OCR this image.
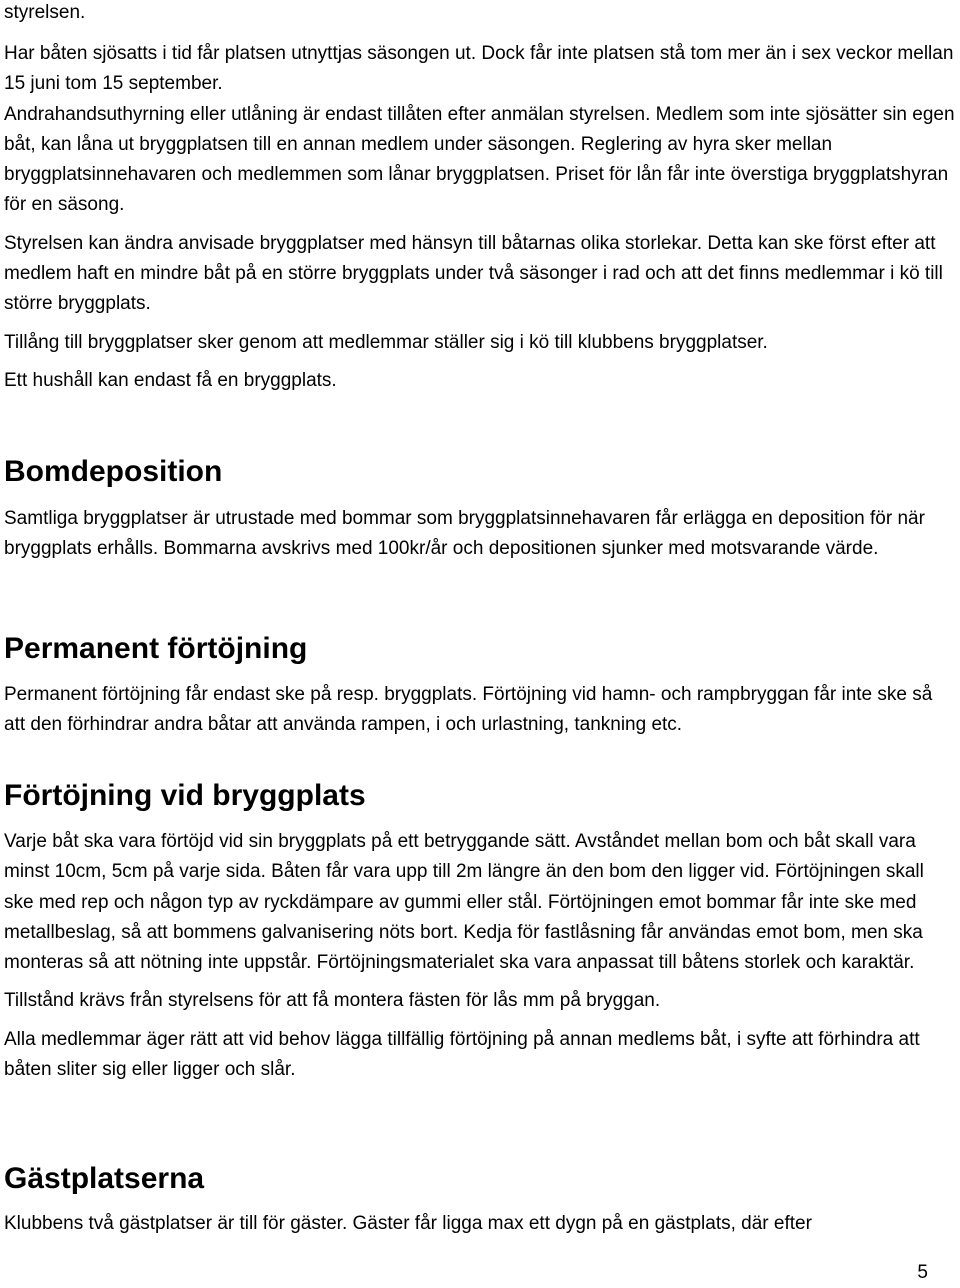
styrelsen.

Har båten sjösatts i tid får platsen utnyttjas säsongen ut. Dock får inte platsen stå tom mer än i sex veckor mellan 15 juni tom 15 september.

Andrahandsuthyrning eller utlåning är endast tillåten efter anmälan styrelsen. Medlem som inte sjösätter sin egen båt, kan låna ut bryggplatsen till en annan medlem under säsongen. Reglering av hyra sker mellan bryggplatsinnehavaren och medlemmen som lånar bryggplatsen. Priset för lån får inte överstiga bryggplatshyran för en säsong.

Styrelsen kan ändra anvisade bryggplatser med hänsyn till båtarnas olika storlekar. Detta kan ske först efter att medlem haft en mindre båt på en större bryggplats under två säsonger i rad och att det finns medlemmar i kö till större bryggplats.

Tillång till bryggplatser sker genom att medlemmar ställer sig i kö till klubbens bryggplatser.

Ett hushåll kan endast få en bryggplats.

Bomdeposition

Samtliga bryggplatser är utrustade med bommar som bryggplatsinnehavaren får erlägga en deposition för när bryggplats erhålls. Bommarna avskrivs med 100kr/år och depositionen sjunker med motsvarande värde.

Permanent förtöjning

Permanent förtöjning får endast ske på resp. bryggplats. Förtöjning vid hamn- och rampbryggan får inte ske så att den förhindrar andra båtar att använda rampen, i och urlastning, tankning etc.

Förtöjning vid bryggplats

Varje båt ska vara förtöjd vid sin bryggplats på ett betryggande sätt. Avståndet mellan bom och båt skall vara minst 10cm, 5cm på varje sida. Båten får vara upp till 2m längre än den bom den ligger vid. Förtöjningen skall ske med rep och någon typ av ryckdämpare av gummi eller stål. Förtöjningen emot bommar får inte ske med metallbeslag, så att bommens galvanisering nöts bort. Kedja för fastlåsning får användas emot bom, men ska monteras så att nötning inte uppstår. Förtöjningsmaterialet ska vara anpassat till båtens storlek och karaktär.

Tillstånd krävs från styrelsens för att få montera fästen för lås mm på bryggan.

Alla medlemmar äger rätt att vid behov lägga tillfällig förtöjning på annan medlems båt, i syfte att förhindra att båten sliter sig eller ligger och slår.

Gästplatserna

Klubbens två gästplatser är till för gäster. Gäster får ligga max ett dygn på en gästplats, där efter

5
